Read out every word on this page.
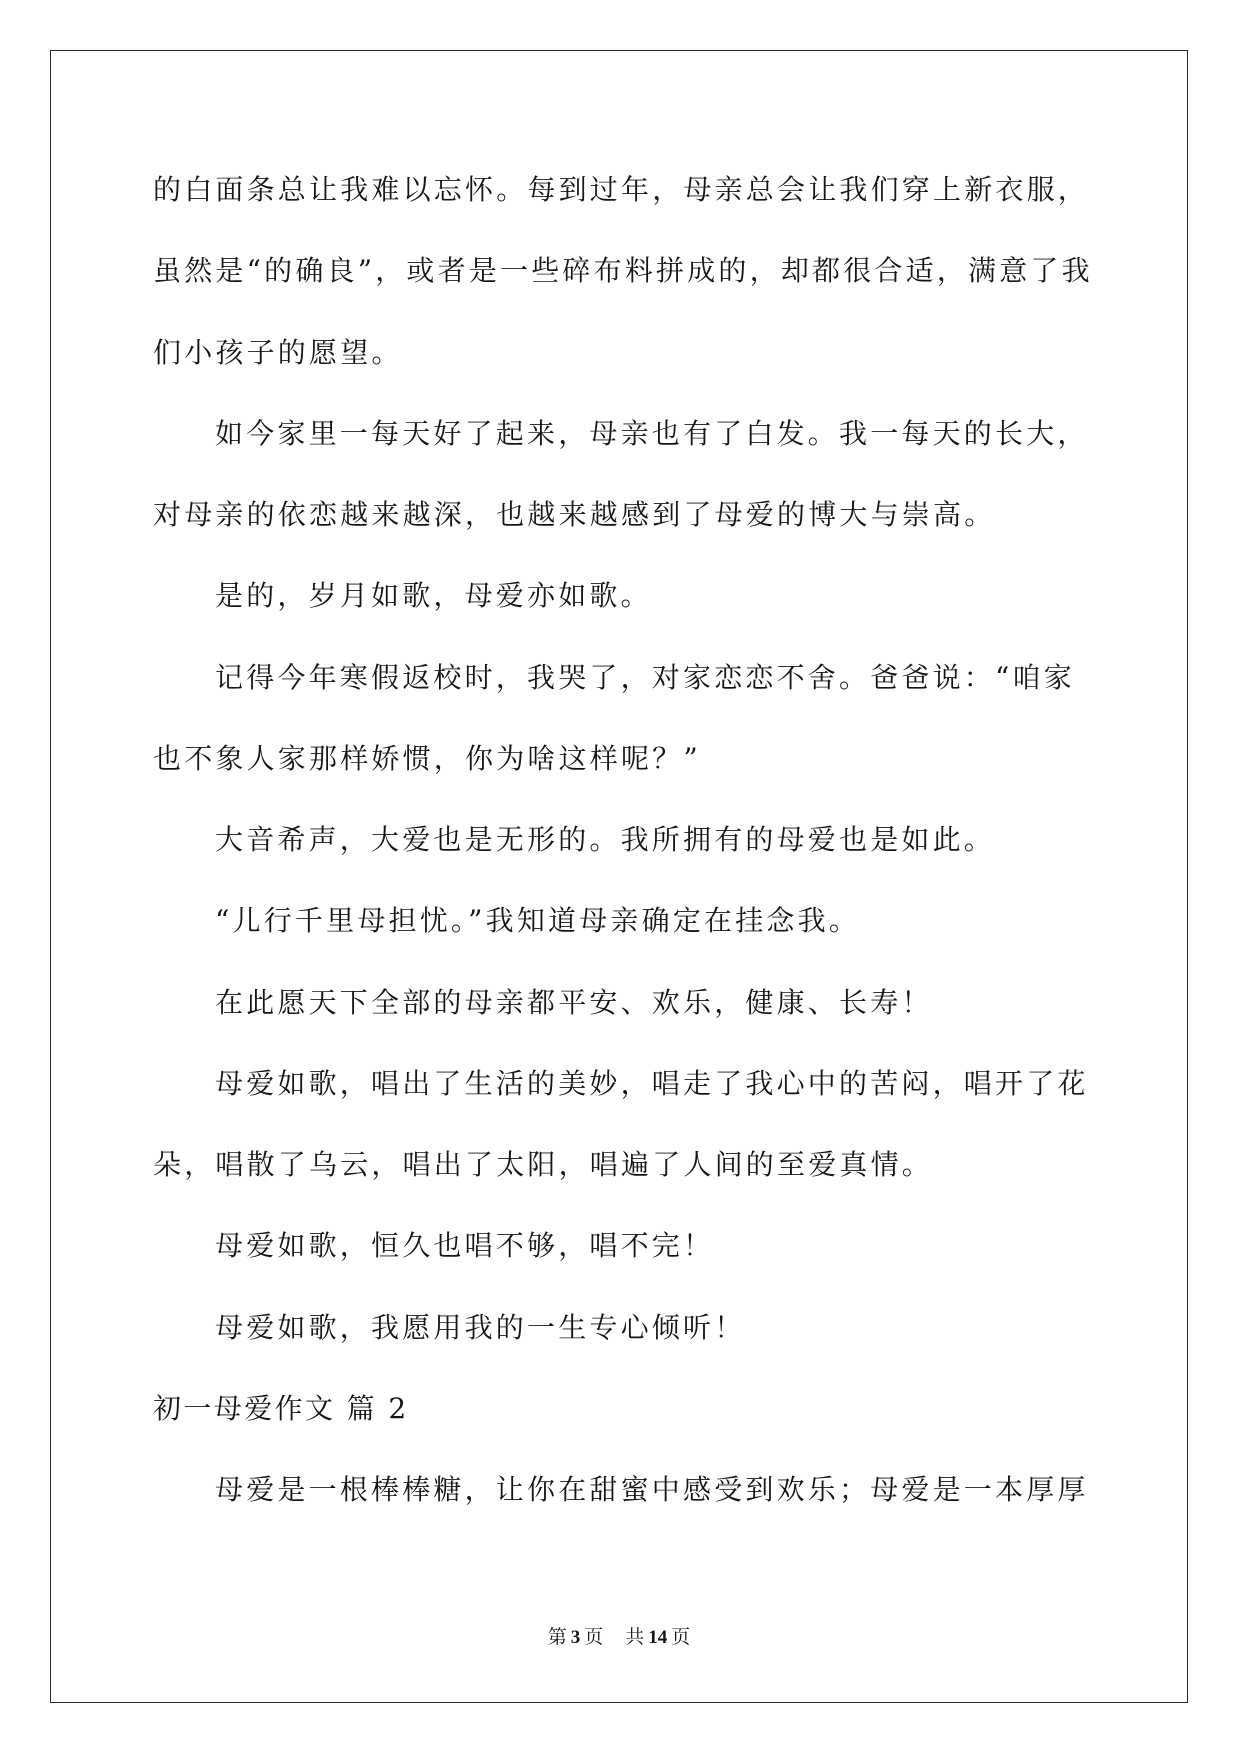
的白面条总让我难以忘怀。每到过年，母亲总会让我们穿上新衣服，
虽然是“的确良”，或者是一些碎布料拼成的，却都很合适，满意了我
们小孩子的愿望。
如今家里一每天好了起来，母亲也有了白发。我一每天的长大，
对母亲的依恋越来越深，也越来越感到了母爱的博大与崇高。
是的，岁月如歌，母爱亦如歌。
记得今年寒假返校时，我哭了，对家恋恋不舍。爸爸说：“咱家
也不象人家那样娇惯，你为啥这样呢？”
大音希声，大爱也是无形的。我所拥有的母爱也是如此。
“儿行千里母担忧。”我知道母亲确定在挂念我。
在此愿天下全部的母亲都平安、欢乐，健康、长寿！
母爱如歌，唱出了生活的美妙，唱走了我心中的苦闷，唱开了花
朵，唱散了乌云，唱出了太阳，唱遍了人间的至爱真情。
母爱如歌，恒久也唱不够，唱不完！
母爱如歌，我愿用我的一生专心倾听！
初一母爱作文 篇 2
母爱是一根棒棒糖，让你在甜蜜中感受到欢乐；母爱是一本厚厚
第 3 页 共 14 页
